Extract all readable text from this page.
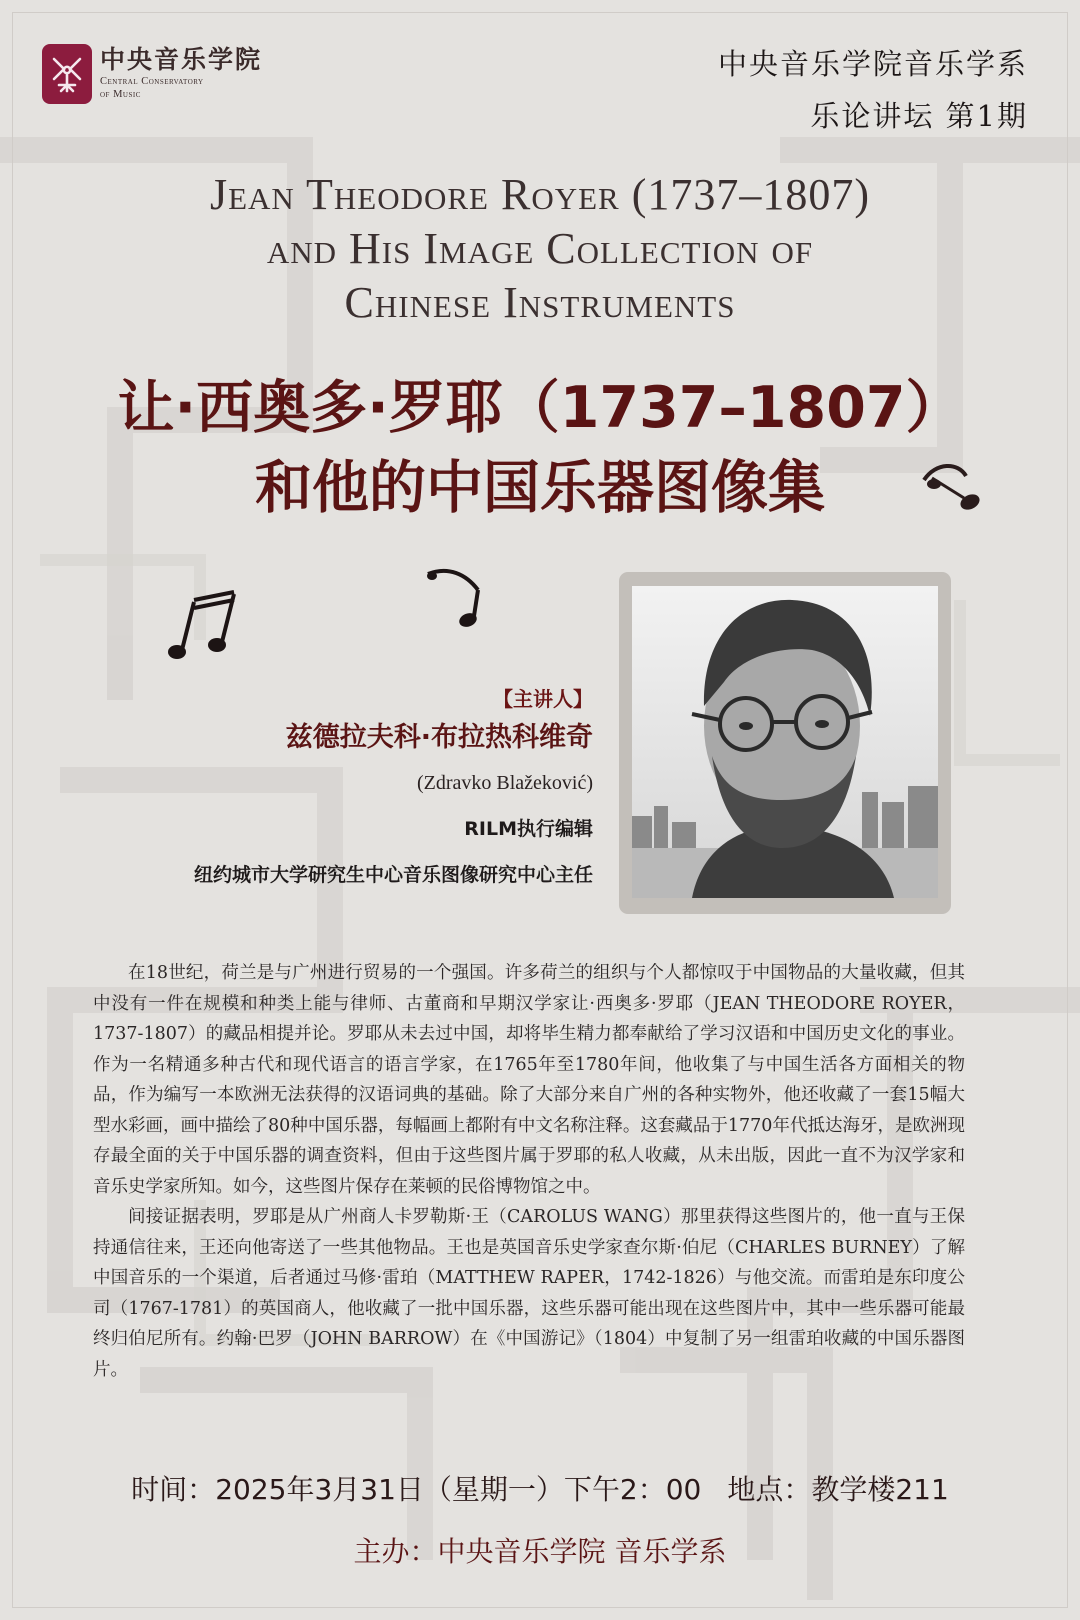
中央音乐学院
Central Conservatory
of Music
中央音乐学院音乐学系
乐论讲坛 第1期
Jean Theodore Royer (1737–1807)
and His Image Collection of
Chinese Instruments
让·西奥多·罗耶（1737–1807）
和他的中国乐器图像集
【主讲人】
兹德拉夫科·布拉热科维奇
(Zdravko Blažeković)
RILM执行编辑
纽约城市大学研究生中心音乐图像研究中心主任

在18世纪，荷兰是与广州进行贸易的一个强国。许多荷兰的组织与个人都惊叹于中国物品的大量收藏，但其中没有一件在规模和种类上能与律师、古董商和早期汉学家让·西奥多·罗耶（JEAN THEODORE ROYER，1737-1807）的藏品相提并论。罗耶从未去过中国，却将毕生精力都奉献给了学习汉语和中国历史文化的事业。作为一名精通多种古代和现代语言的语言学家，在1765年至1780年间，他收集了与中国生活各方面相关的物品，作为编写一本欧洲无法获得的汉语词典的基础。除了大部分来自广州的各种实物外，他还收藏了一套15幅大型水彩画，画中描绘了80种中国乐器，每幅画上都附有中文名称注释。这套藏品于1770年代抵达海牙，是欧洲现存最全面的关于中国乐器的调查资料，但由于这些图片属于罗耶的私人收藏，从未出版，因此一直不为汉学家和音乐史学家所知。如今，这些图片保存在莱顿的民俗博物馆之中。

间接证据表明，罗耶是从广州商人卡罗勒斯·王（CAROLUS WANG）那里获得这些图片的，他一直与王保持通信往来，王还向他寄送了一些其他物品。王也是英国音乐史学家查尔斯·伯尼（CHARLES BURNEY）了解中国音乐的一个渠道，后者通过马修·雷珀（MATTHEW RAPER，1742-1826）与他交流。而雷珀是东印度公司（1767-1781）的英国商人，他收藏了一批中国乐器，这些乐器可能出现在这些图片中，其中一些乐器可能最终归伯尼所有。约翰·巴罗（JOHN BARROW）在《中国游记》（1804）中复制了另一组雷珀收藏的中国乐器图片。

时间：2025年3月31日（星期一）下午2：00 地点：教学楼211
主办：中央音乐学院 音乐学系
